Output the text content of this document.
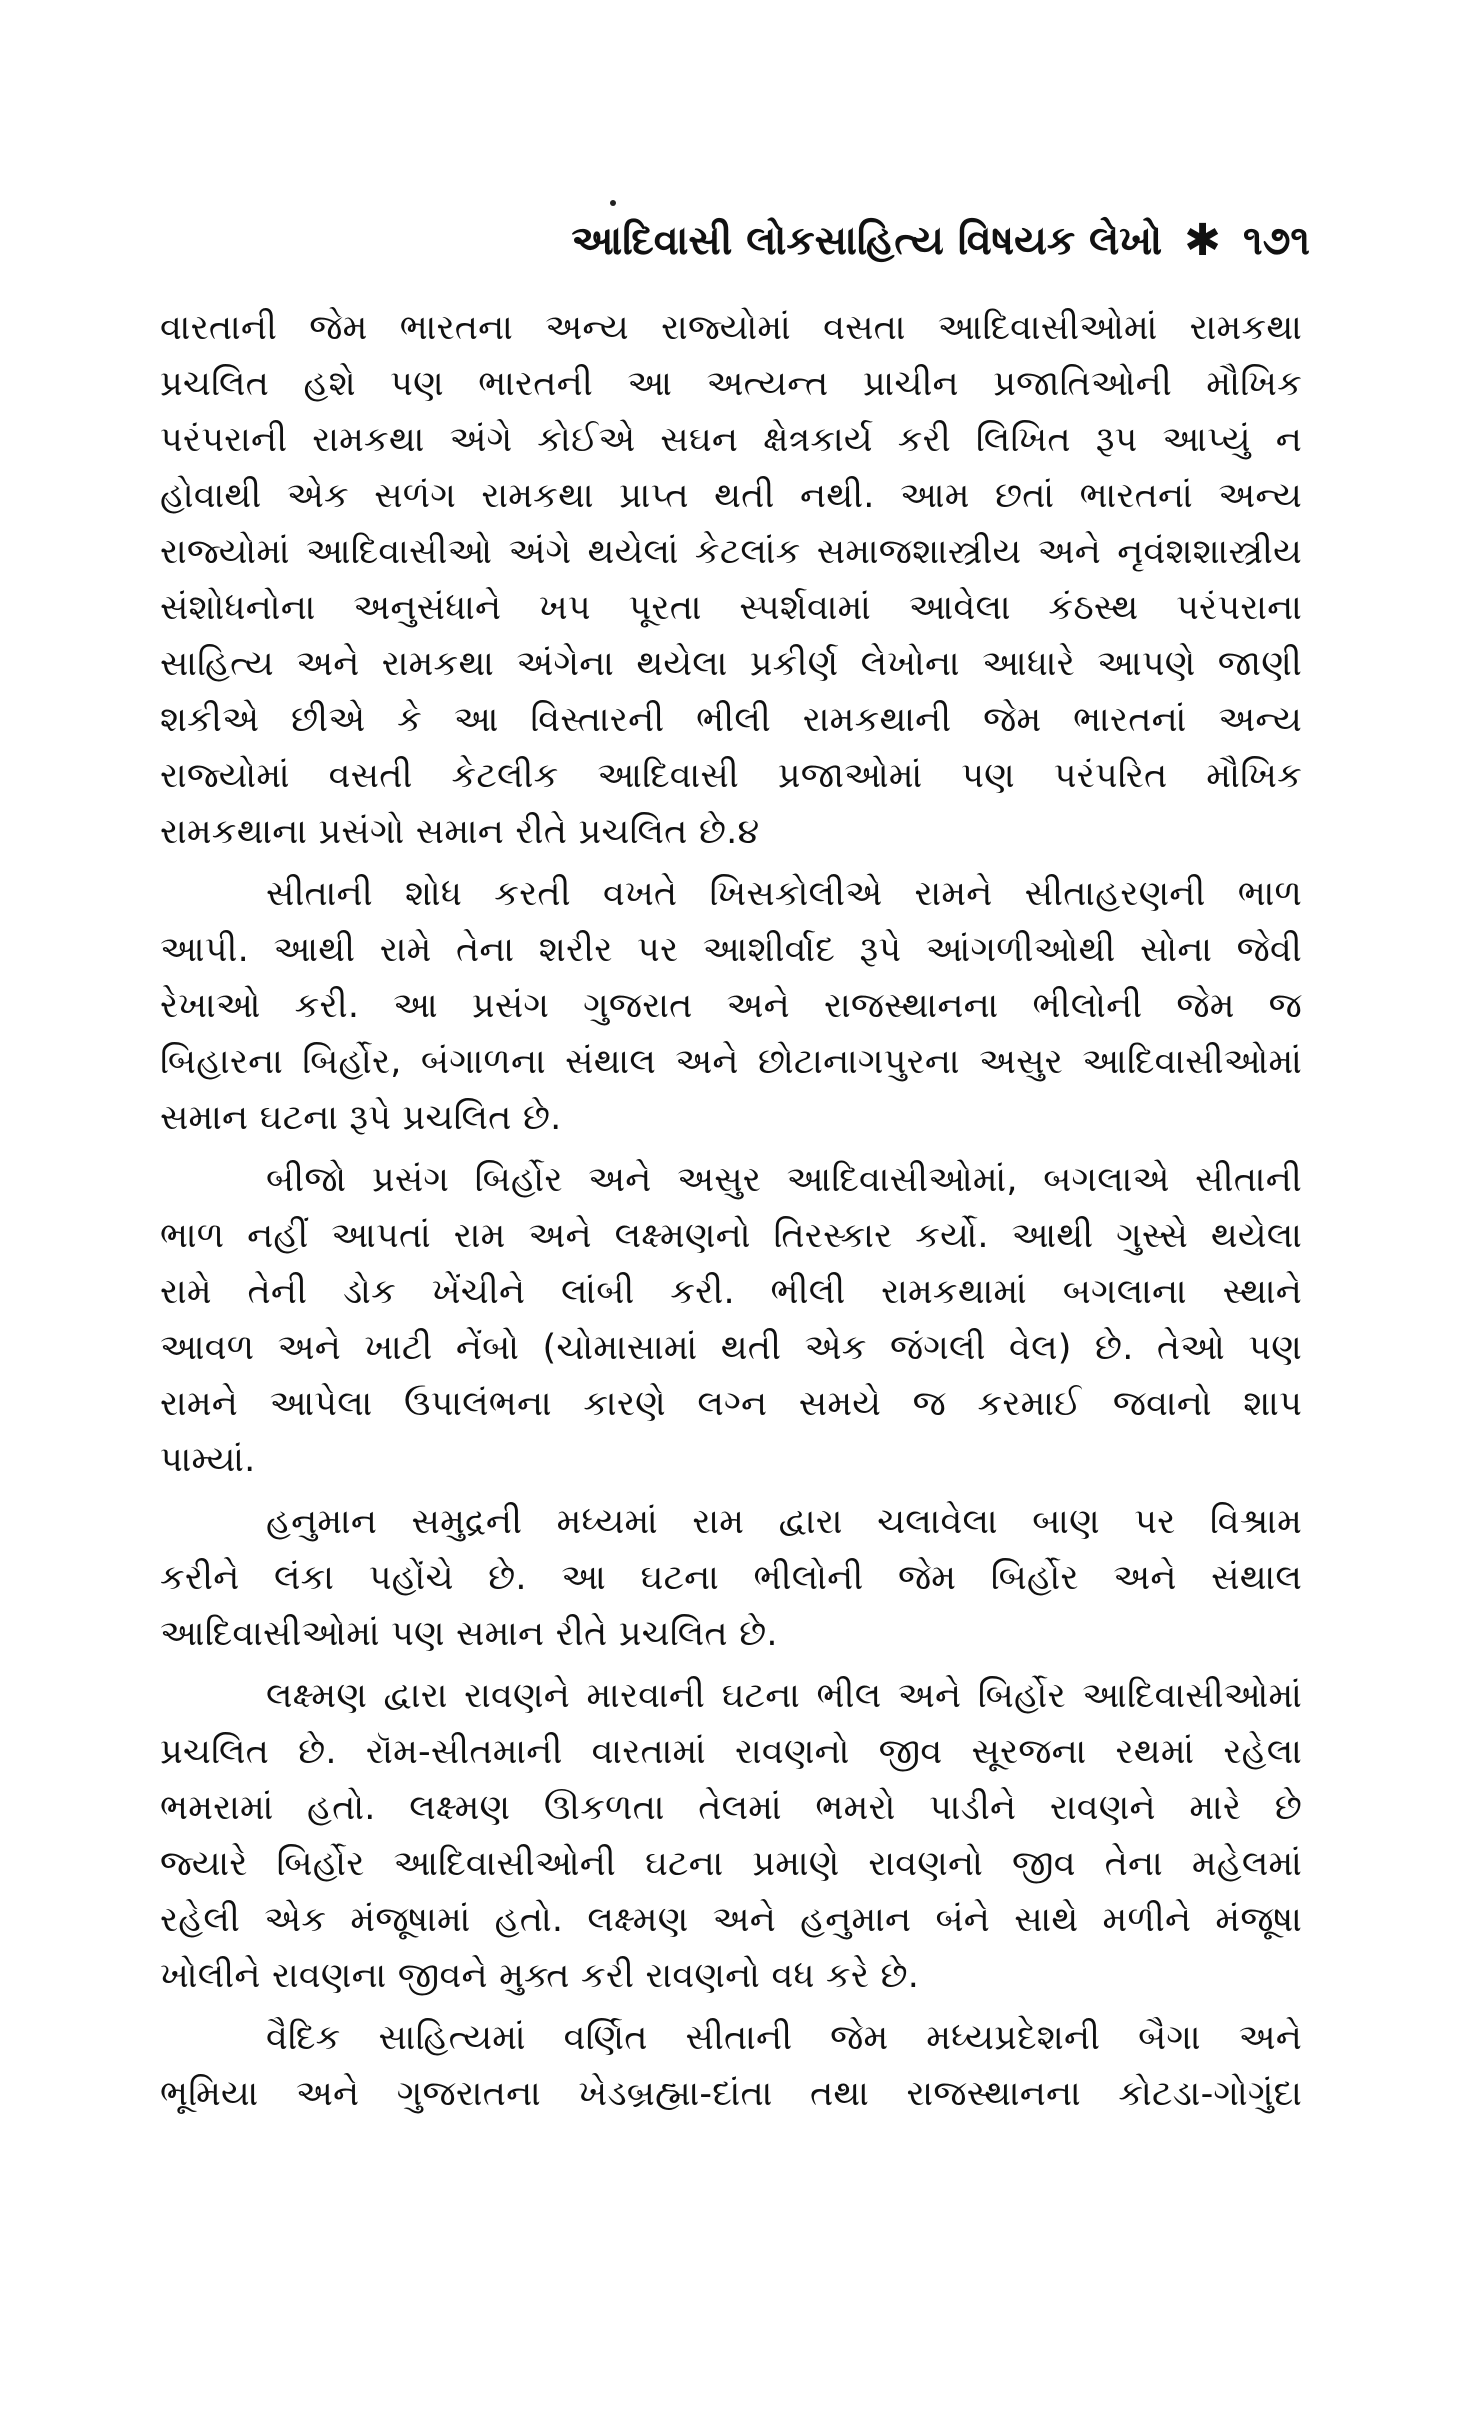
આદિવાસી લોકસાહિત્ય વિષયક લેખો ✱ ૧૭૧
વારતાની જેમ ભારતના અન્ય રાજ્યોમાં વસતા આદિવાસીઓમાં રામકથા
પ્રચલિત હશે પણ ભારતની આ અત્યન્ત પ્રાચીન પ્રજાતિઓની મૌખિક
પરંપરાની રામકથા અંગે કોઈએ સઘન ક્ષેત્રકાર્ય કરી લિખિત રૂપ આપ્યું ન
હોવાથી એક સળંગ રામકથા પ્રાપ્ત થતી નથી. આમ છતાં ભારતનાં અન્ય
રાજ્યોમાં આદિવાસીઓ અંગે થયેલાં કેટલાંક સમાજશાસ્ત્રીય અને નૃવંશશાસ્ત્રીય
સંશોધનોના અનુસંધાને ખપ પૂરતા સ્પર્શવામાં આવેલા કંઠસ્થ પરંપરાના
સાહિત્ય અને રામકથા અંગેના થયેલા પ્રકીર્ણ લેખોના આધારે આપણે જાણી
શકીએ છીએ કે આ વિસ્તારની ભીલી રામકથાની જેમ ભારતનાં અન્ય
રાજ્યોમાં વસતી કેટલીક આદિવાસી પ્રજાઓમાં પણ પરંપરિત મૌખિક
રામકથાના પ્રસંગો સમાન રીતે પ્રચલિત છે.૪
સીતાની શોધ કરતી વખતે ખિસકોલીએ રામને સીતાહરણની ભાળ
આપી. આથી રામે તેના શરીર પર આશીર્વાદ રૂપે આંગળીઓથી સોના જેવી
રેખાઓ કરી. આ પ્રસંગ ગુજરાત અને રાજસ્થાનના ભીલોની જેમ જ
બિહારના બિર્હોર, બંગાળના સંથાલ અને છોટાનાગપુરના અસુર આદિવાસીઓમાં
સમાન ઘટના રૂપે પ્રચલિત છે.
બીજો પ્રસંગ બિર્હોર અને અસુર આદિવાસીઓમાં, બગલાએ સીતાની
ભાળ નહીં આપતાં રામ અને લક્ષ્મણનો તિરસ્કાર કર્યો. આથી ગુસ્સે થયેલા
રામે તેની ડોક ખેંચીને લાંબી કરી. ભીલી રામકથામાં બગલાના સ્થાને
આવળ અને ખાટી નેંબો (ચોમાસામાં થતી એક જંગલી વેલ) છે. તેઓ પણ
રામને આપેલા ઉપાલંભના કારણે લગ્ન સમયે જ કરમાઈ જવાનો શાપ
પામ્યાં.
હનુમાન સમુદ્રની મધ્યમાં રામ દ્વારા ચલાવેલા બાણ પર વિશ્રામ
કરીને લંકા પહોંચે છે. આ ઘટના ભીલોની જેમ બિર્હોર અને સંથાલ
આદિવાસીઓમાં પણ સમાન રીતે પ્રચલિત છે.
લક્ષ્મણ દ્વારા રાવણને મારવાની ઘટના ભીલ અને બિર્હોર આદિવાસીઓમાં
પ્રચલિત છે. રૉમ-સીતમાની વારતામાં રાવણનો જીવ સૂરજના રથમાં રહેલા
ભમરામાં હતો. લક્ષ્મણ ઊકળતા તેલમાં ભમરો પાડીને રાવણને મારે છે
જ્યારે બિર્હોર આદિવાસીઓની ઘટના પ્રમાણે રાવણનો જીવ તેના મહેલમાં
રહેલી એક મંજૂષામાં હતો. લક્ષ્મણ અને હનુમાન બંને સાથે મળીને મંજૂષા
ખોલીને રાવણના જીવને મુક્ત કરી રાવણનો વધ કરે છે.
વૈદિક સાહિત્યમાં વર્ણિત સીતાની જેમ મધ્યપ્રદેશની બૈગા અને
ભૂમિયા અને ગુજરાતના ખેડબ્રહ્મા-દાંતા તથા રાજસ્થાનના કોટડા-ગોગુંદા
